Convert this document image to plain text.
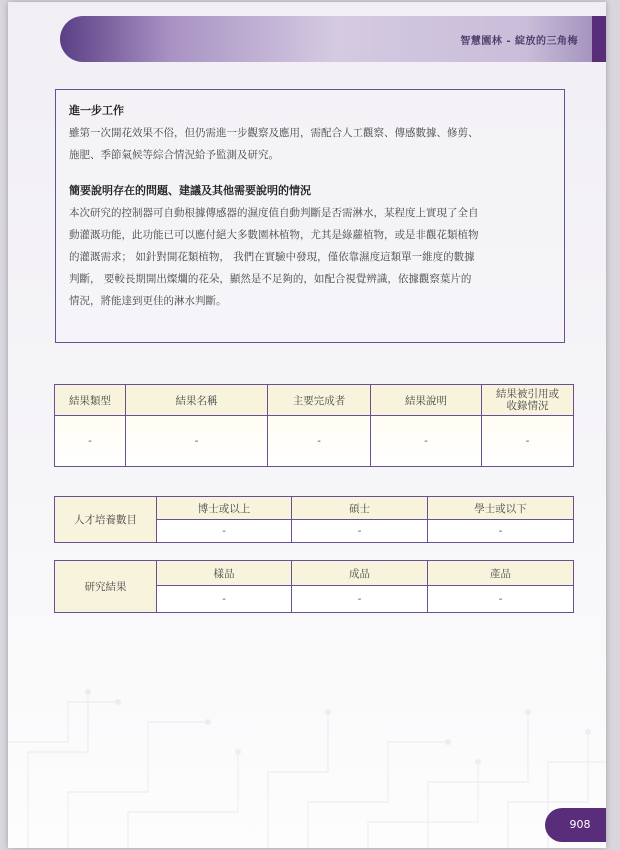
智慧園林 - 綻放的三角梅
進一步工作

雖第一次開花效果不俗，但仍需進一步觀察及應用，需配合人工觀察、傳感數據、修剪、

施肥、季節氣候等綜合情況給予監測及研究。

簡要說明存在的問題、建議及其他需要說明的情況

本次研究的控制器可自動根據傳感器的濕度值自動判斷是否需淋水，某程度上實現了全自

動灌溉功能，此功能已可以應付絕大多數園林植物，尤其是綠蘿植物，或是非觀花類植物

的灌溉需求； 如針對開花類植物， 我們在實驗中發現，僅依靠濕度這類單一維度的數據

判斷， 要較長期開出燦爛的花朵，顯然是不足夠的，如配合視覺辨識，依據觀察葉片的

情況，將能達到更佳的淋水判斷。

結果類型	結果名稱	主要完成者	結果說明	結果被引用或
收錄情況

-	-	-	-	-
人才培養數目	博士或以上	碩士	學士或以下
	-	-	-
研究結果	樣品	成品	產品
	-	-	-
908
